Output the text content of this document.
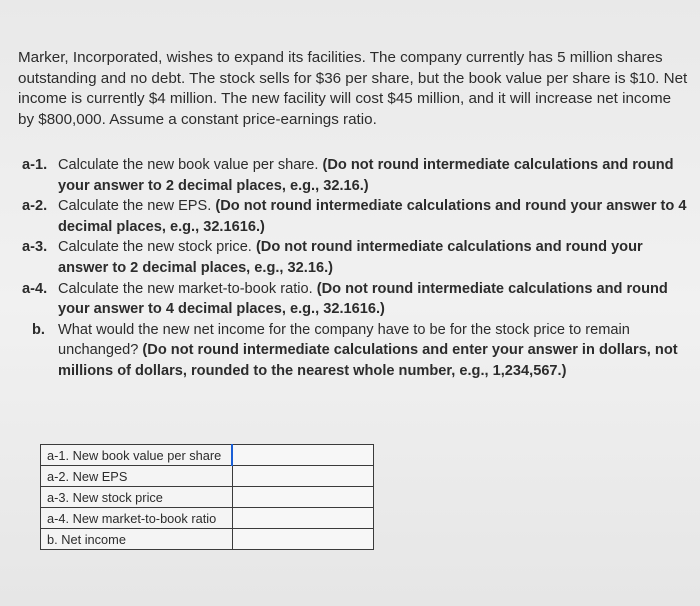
Marker, Incorporated, wishes to expand its facilities. The company currently has 5 million shares outstanding and no debt. The stock sells for $36 per share, but the book value per share is $10. Net income is currently $4 million. The new facility will cost $45 million, and it will increase net income by $800,000. Assume a constant price-earnings ratio.

a-1. Calculate the new book value per share. (Do not round intermediate calculations and round your answer to 2 decimal places, e.g., 32.16.)

a-2. Calculate the new EPS. (Do not round intermediate calculations and round your answer to 4 decimal places, e.g., 32.1616.)

a-3. Calculate the new stock price. (Do not round intermediate calculations and round your answer to 2 decimal places, e.g., 32.16.)

a-4. Calculate the new market-to-book ratio. (Do not round intermediate calculations and round your answer to 4 decimal places, e.g., 32.1616.)

b. What would the new net income for the company have to be for the stock price to remain unchanged? (Do not round intermediate calculations and enter your answer in dollars, not millions of dollars, rounded to the nearest whole number, e.g., 1,234,567.)

a-1. New book value per share	
a-2. New EPS	
a-3. New stock price	
a-4. New market-to-book ratio	
b. Net income	
